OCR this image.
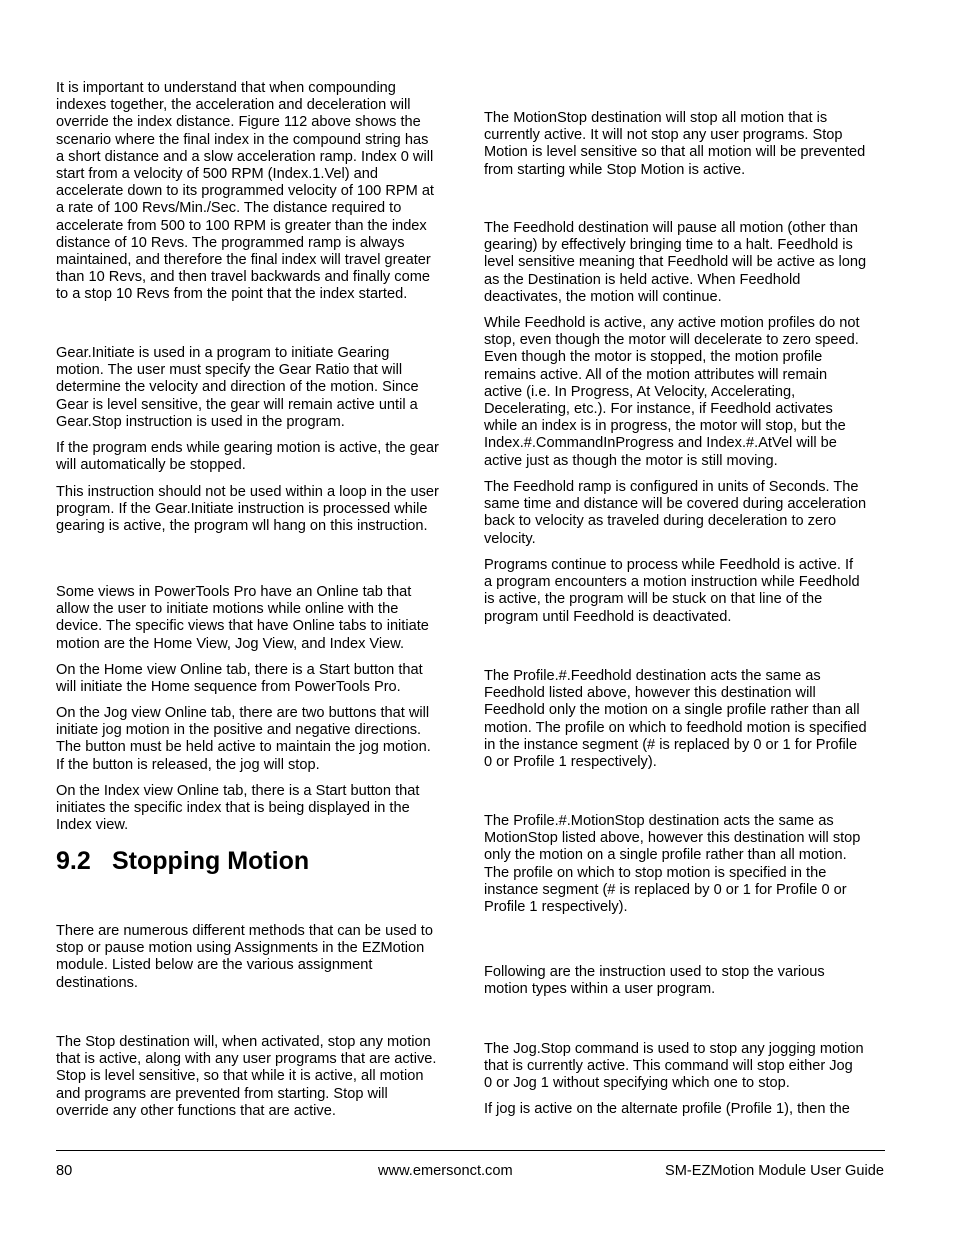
It is important to understand that when compounding
indexes together, the acceleration and deceleration will
override the index distance. Figure 112 above shows the
scenario where the final index in the compound string has
a short distance and a slow acceleration ramp. Index 0 will
start from a velocity of 500 RPM (Index.1.Vel) and
accelerate down to its programmed velocity of 100 RPM at
a rate of 100 Revs/Min./Sec. The distance required to
accelerate from 500 to 100 RPM is greater than the index
distance of 10 Revs. The programmed ramp is always
maintained, and therefore the final index will travel greater
than 10 Revs, and then travel backwards and finally come
to a stop 10 Revs from the point that the index started.

Gear.Initiate is used in a program to initiate Gearing
motion. The user must specify the Gear Ratio that will
determine the velocity and direction of the motion. Since
Gear is level sensitive, the gear will remain active until a
Gear.Stop instruction is used in the program.

If the program ends while gearing motion is active, the gear
will automatically be stopped.

This instruction should not be used within a loop in the user
program. If the Gear.Initiate instruction is processed while
gearing is active, the program wll hang on this instruction.

Some views in PowerTools Pro have an Online tab that
allow the user to initiate motions while online with the
device. The specific views that have Online tabs to initiate
motion are the Home View, Jog View, and Index View.

On the Home view Online tab, there is a Start button that
will initiate the Home sequence from PowerTools Pro.

On the Jog view Online tab, there are two buttons that will
initiate jog motion in the positive and negative directions.
The button must be held active to maintain the jog motion.
If the button is released, the jog will stop.

On the Index view Online tab, there is a Start button that
initiates the specific index that is being displayed in the
Index view.

9.2 Stopping Motion

There are numerous different methods that can be used to
stop or pause motion using Assignments in the EZMotion
module. Listed below are the various assignment
destinations.

The Stop destination will, when activated, stop any motion
that is active, along with any user programs that are active.
Stop is level sensitive, so that while it is active, all motion
and programs are prevented from starting. Stop will
override any other functions that are active.

The MotionStop destination will stop all motion that is
currently active. It will not stop any user programs. Stop
Motion is level sensitive so that all motion will be prevented
from starting while Stop Motion is active.

The Feedhold destination will pause all motion (other than
gearing) by effectively bringing time to a halt. Feedhold is
level sensitive meaning that Feedhold will be active as long
as the Destination is held active. When Feedhold
deactivates, the motion will continue.

While Feedhold is active, any active motion profiles do not
stop, even though the motor will decelerate to zero speed.
Even though the motor is stopped, the motion profile
remains active. All of the motion attributes will remain
active (i.e. In Progress, At Velocity, Accelerating,
Decelerating, etc.). For instance, if Feedhold activates
while an index is in progress, the motor will stop, but the
Index.#.CommandInProgress and Index.#.AtVel will be
active just as though the motor is still moving.

The Feedhold ramp is configured in units of Seconds. The
same time and distance will be covered during acceleration
back to velocity as traveled during deceleration to zero
velocity.

Programs continue to process while Feedhold is active. If
a program encounters a motion instruction while Feedhold
is active, the program will be stuck on that line of the
program until Feedhold is deactivated.

The Profile.#.Feedhold destination acts the same as
Feedhold listed above, however this destination will
Feedhold only the motion on a single profile rather than all
motion. The profile on which to feedhold motion is specified
in the instance segment (# is replaced by 0 or 1 for Profile
0 or Profile 1 respectively).

The Profile.#.MotionStop destination acts the same as
MotionStop listed above, however this destination will stop
only the motion on a single profile rather than all motion.
The profile on which to stop motion is specified in the
instance segment (# is replaced by 0 or 1 for Profile 0 or
Profile 1 respectively).

Following are the instruction used to stop the various
motion types within a user program.

The Jog.Stop command is used to stop any jogging motion
that is currently active. This command will stop either Jog
0 or Jog 1 without specifying which one to stop.

If jog is active on the alternate profile (Profile 1), then the

80	www.emersonct.com	SM-EZMotion Module User Guide
